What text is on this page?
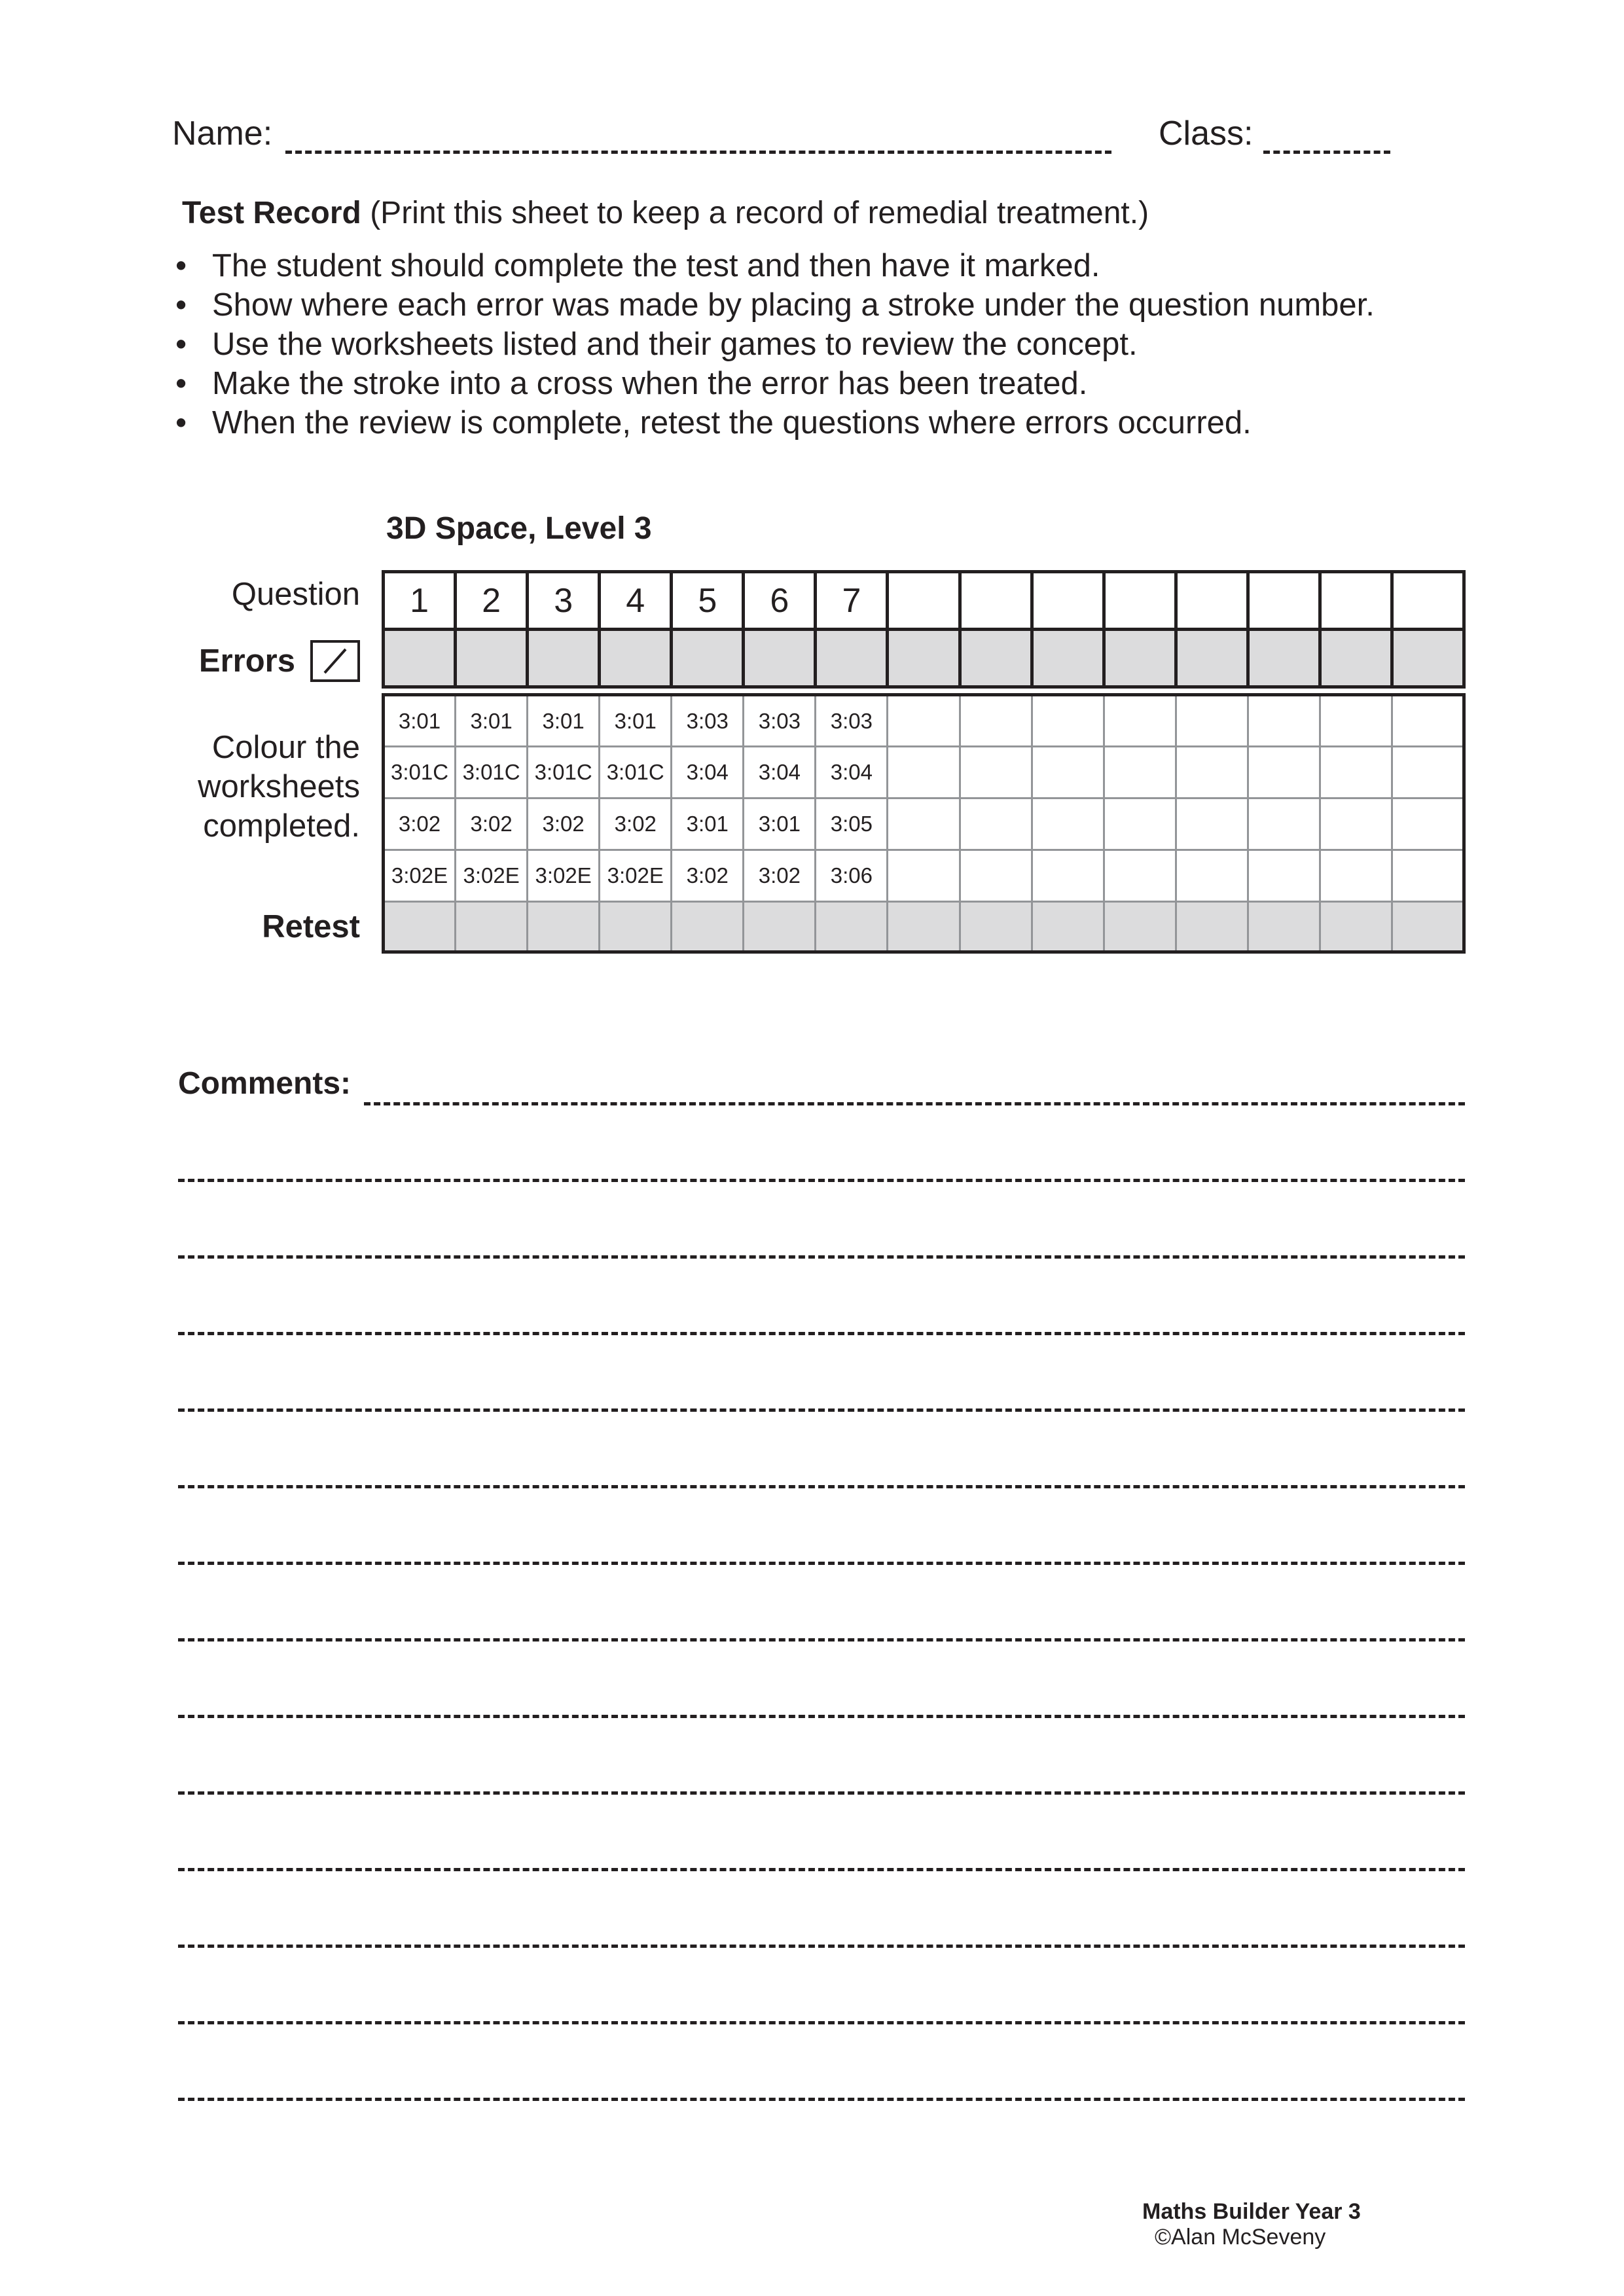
Name:	Class:
Test Record (Print this sheet to keep a record of remedial treatment.)
• The student should complete the test and then have it marked.
• Show where each error was made by placing a stroke under the question number.
• Use the worksheets listed and their games to review the concept.
• Make the stroke into a cross when the error has been treated.
• When the review is complete, retest the questions where errors occurred.
3D Space, Level 3
Question
Errors
Colour the
worksheets
completed.
Retest
1	2	3	4	5	6	7								

3:01	3:01	3:01	3:01	3:03	3:03	3:03								
3:01C	3:01C	3:01C	3:01C	3:04	3:04	3:04								
3:02	3:02	3:02	3:02	3:01	3:01	3:05								
3:02E	3:02E	3:02E	3:02E	3:02	3:02	3:06								

Comments:
Maths Builder Year 3
©Alan McSeveny
